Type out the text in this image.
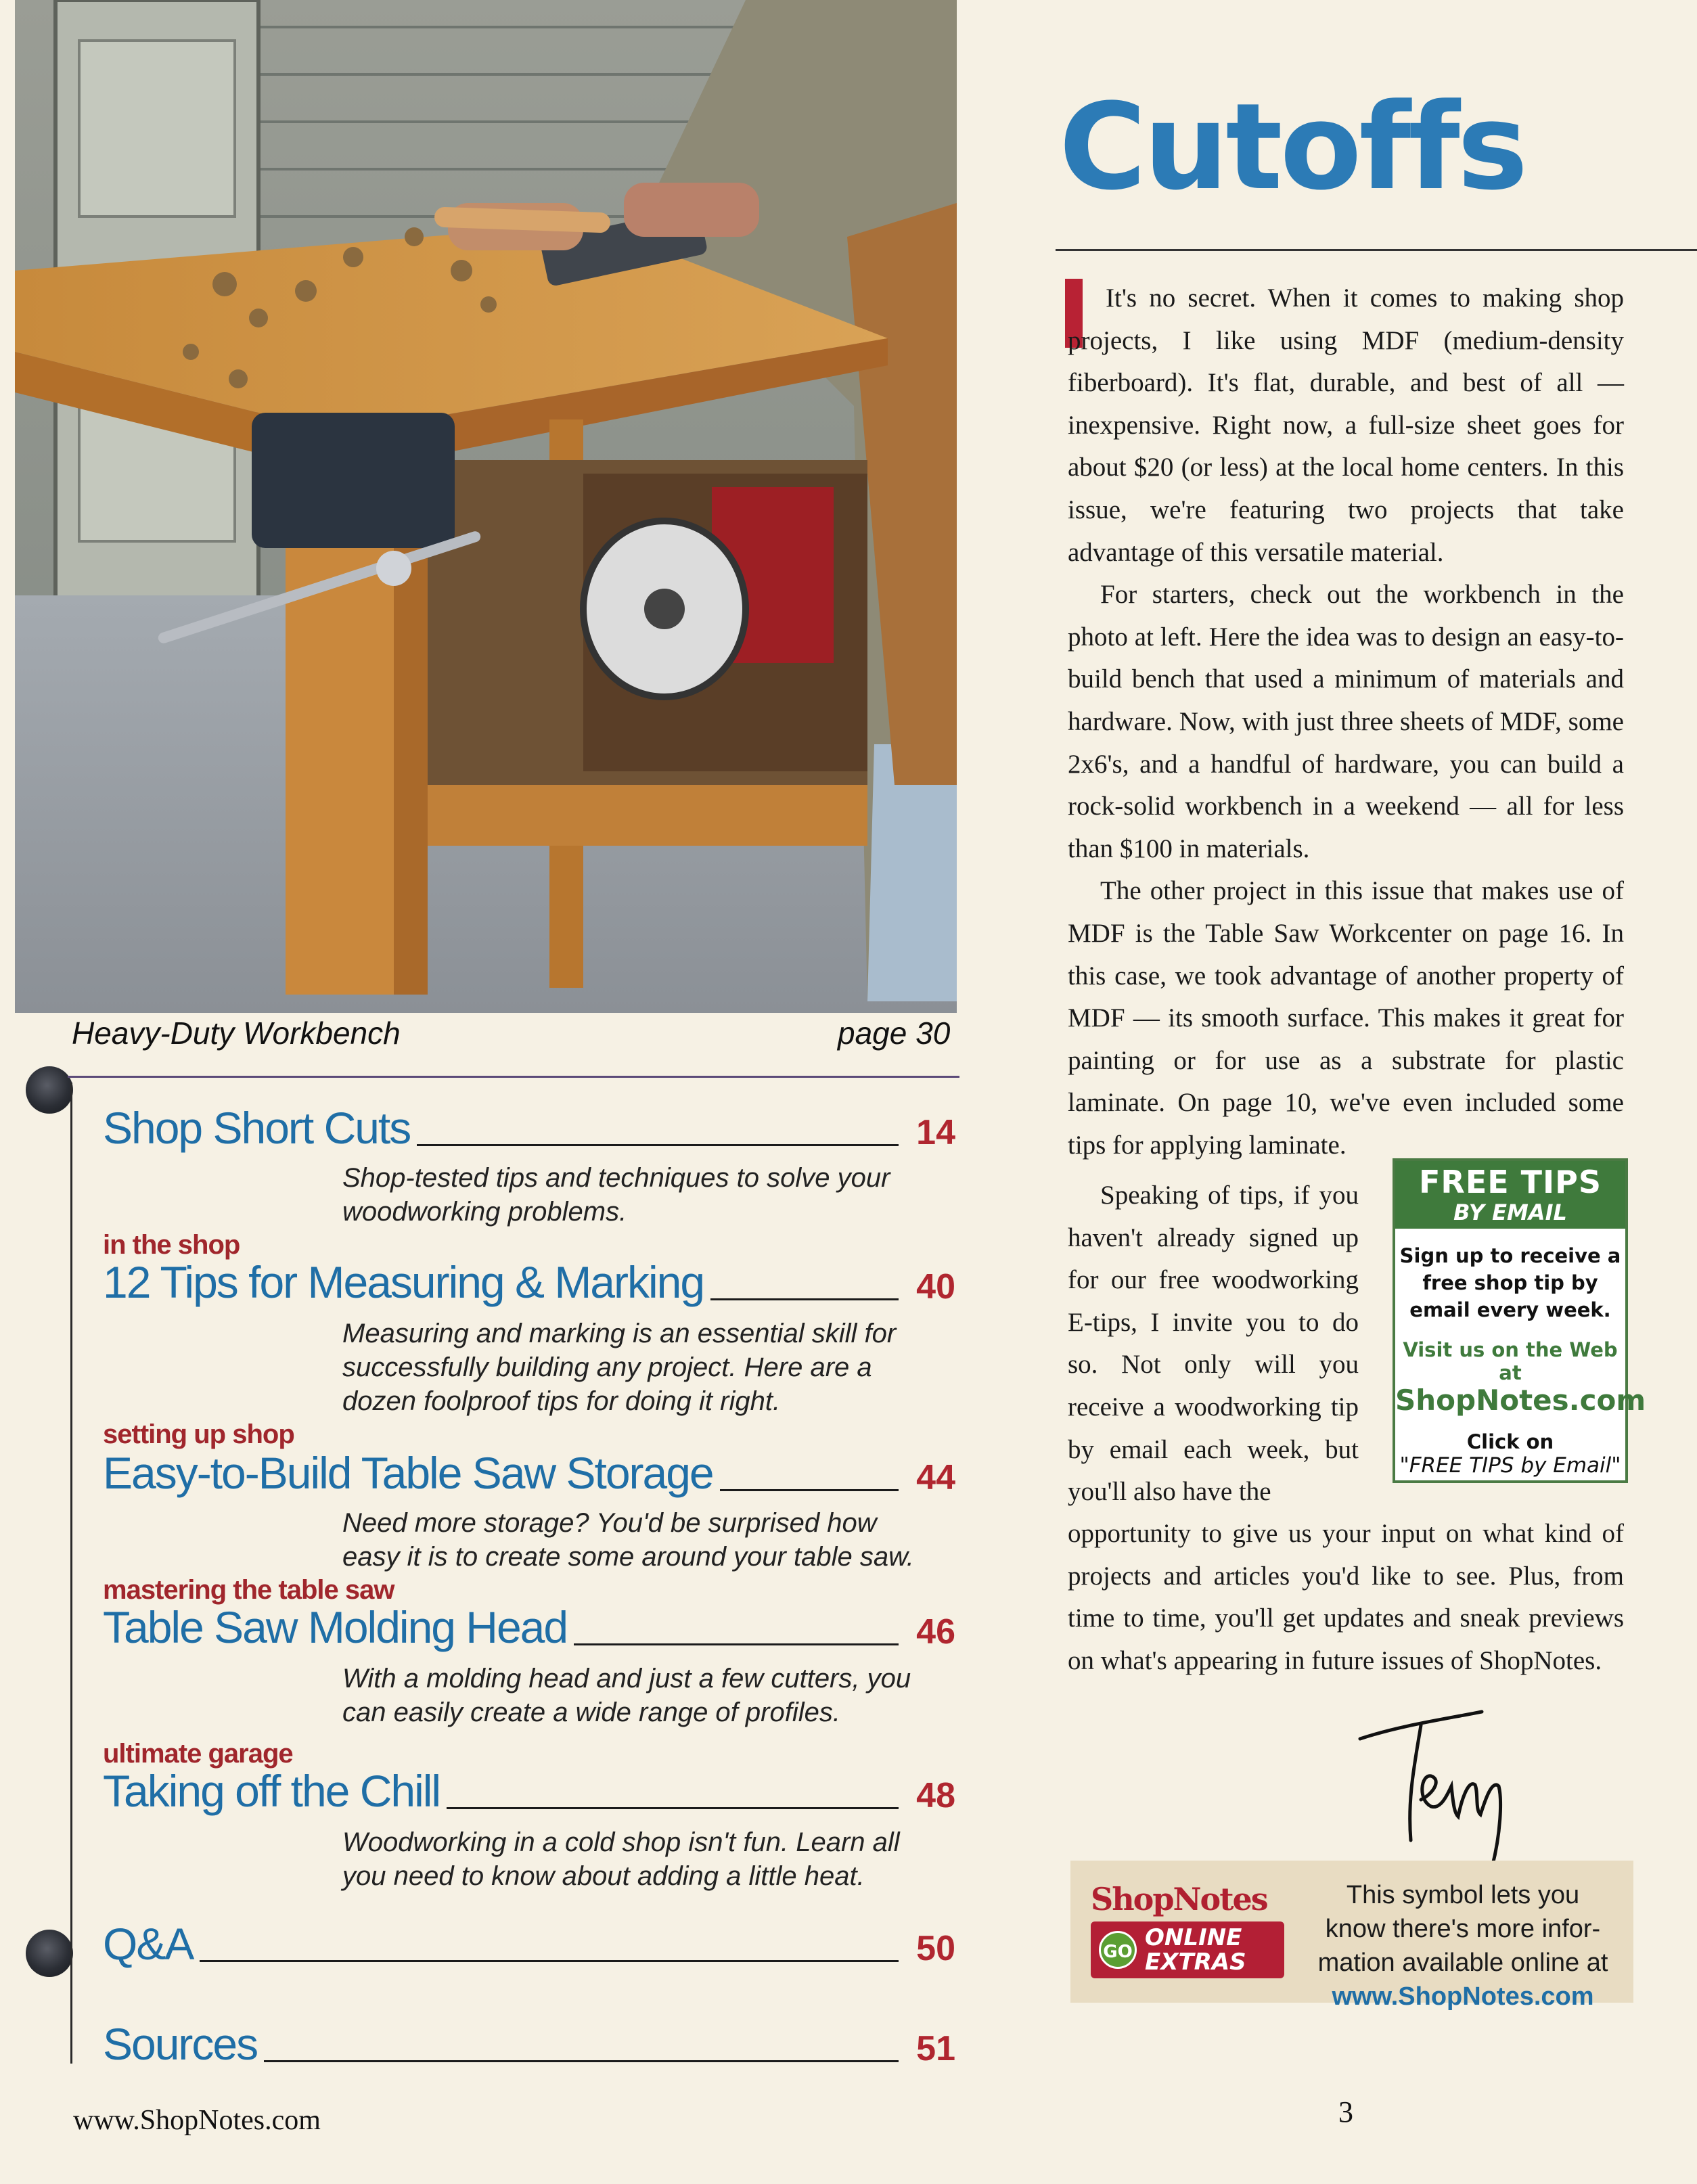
Heavy-Duty Workbench	page 30
Shop Short Cuts	14
Shop-tested tips and techniques to solve your
woodworking problems.
in the shop
12 Tips for Measuring & Marking	40
Measuring and marking is an essential skill for
successfully building any project. Here are a
dozen foolproof tips for doing it right.
setting up shop
Easy-to-Build Table Saw Storage	44
Need more storage? You'd be surprised how
easy it is to create some around your table saw.
mastering the table saw
Table Saw Molding Head	46
With a molding head and just a few cutters, you
can easily create a wide range of profiles.
ultimate garage
Taking off the Chill	48
Woodworking in a cold shop isn't fun. Learn all
you need to know about adding a little heat.
Q&A	50
Sources	51
www.ShopNotes.com
Cutoffs

It's no secret. When it comes to making shop projects, I like using MDF (medium-density fiberboard). It's flat, durable, and best of all — inexpensive. Right now, a full-size sheet goes for about $20 (or less) at the local home centers. In this issue, we're featuring two projects that take advantage of this versatile material.

For starters, check out the workbench in the photo at left. Here the idea was to design an easy-to-build bench that used a minimum of materials and hardware. Now, with just three sheets of MDF, some 2x6's, and a handful of hardware, you can build a rock-solid workbench in a weekend — all for less than $100 in materials.

The other project in this issue that makes use of MDF is the Table Saw Workcenter on page 16. In this case, we took advantage of another property of MDF — its smooth surface. This makes it great for painting or for use as a substrate for plastic laminate. On page 10, we've even included some tips for applying laminate.

Speaking of tips, if you haven't already signed up for our free woodworking E-tips, I invite you to do so. Not only will you receive a woodworking tip by email each week, but you'll also have the

opportunity to give us your input on what kind of projects and articles you'd like to see. Plus, from time to time, you'll get updates and sneak previews on what's appearing in future issues of ShopNotes.

FREE TIPS
BY EMAIL
Sign up to receive a
free shop tip by
email every week.
Visit us on the Web at
ShopNotes.com
Click on
"FREE TIPS by Email"
ShopNotes
GO
ONLINE
EXTRAS
This symbol lets you
know there's more infor-
mation available online at
www.ShopNotes.com
3
